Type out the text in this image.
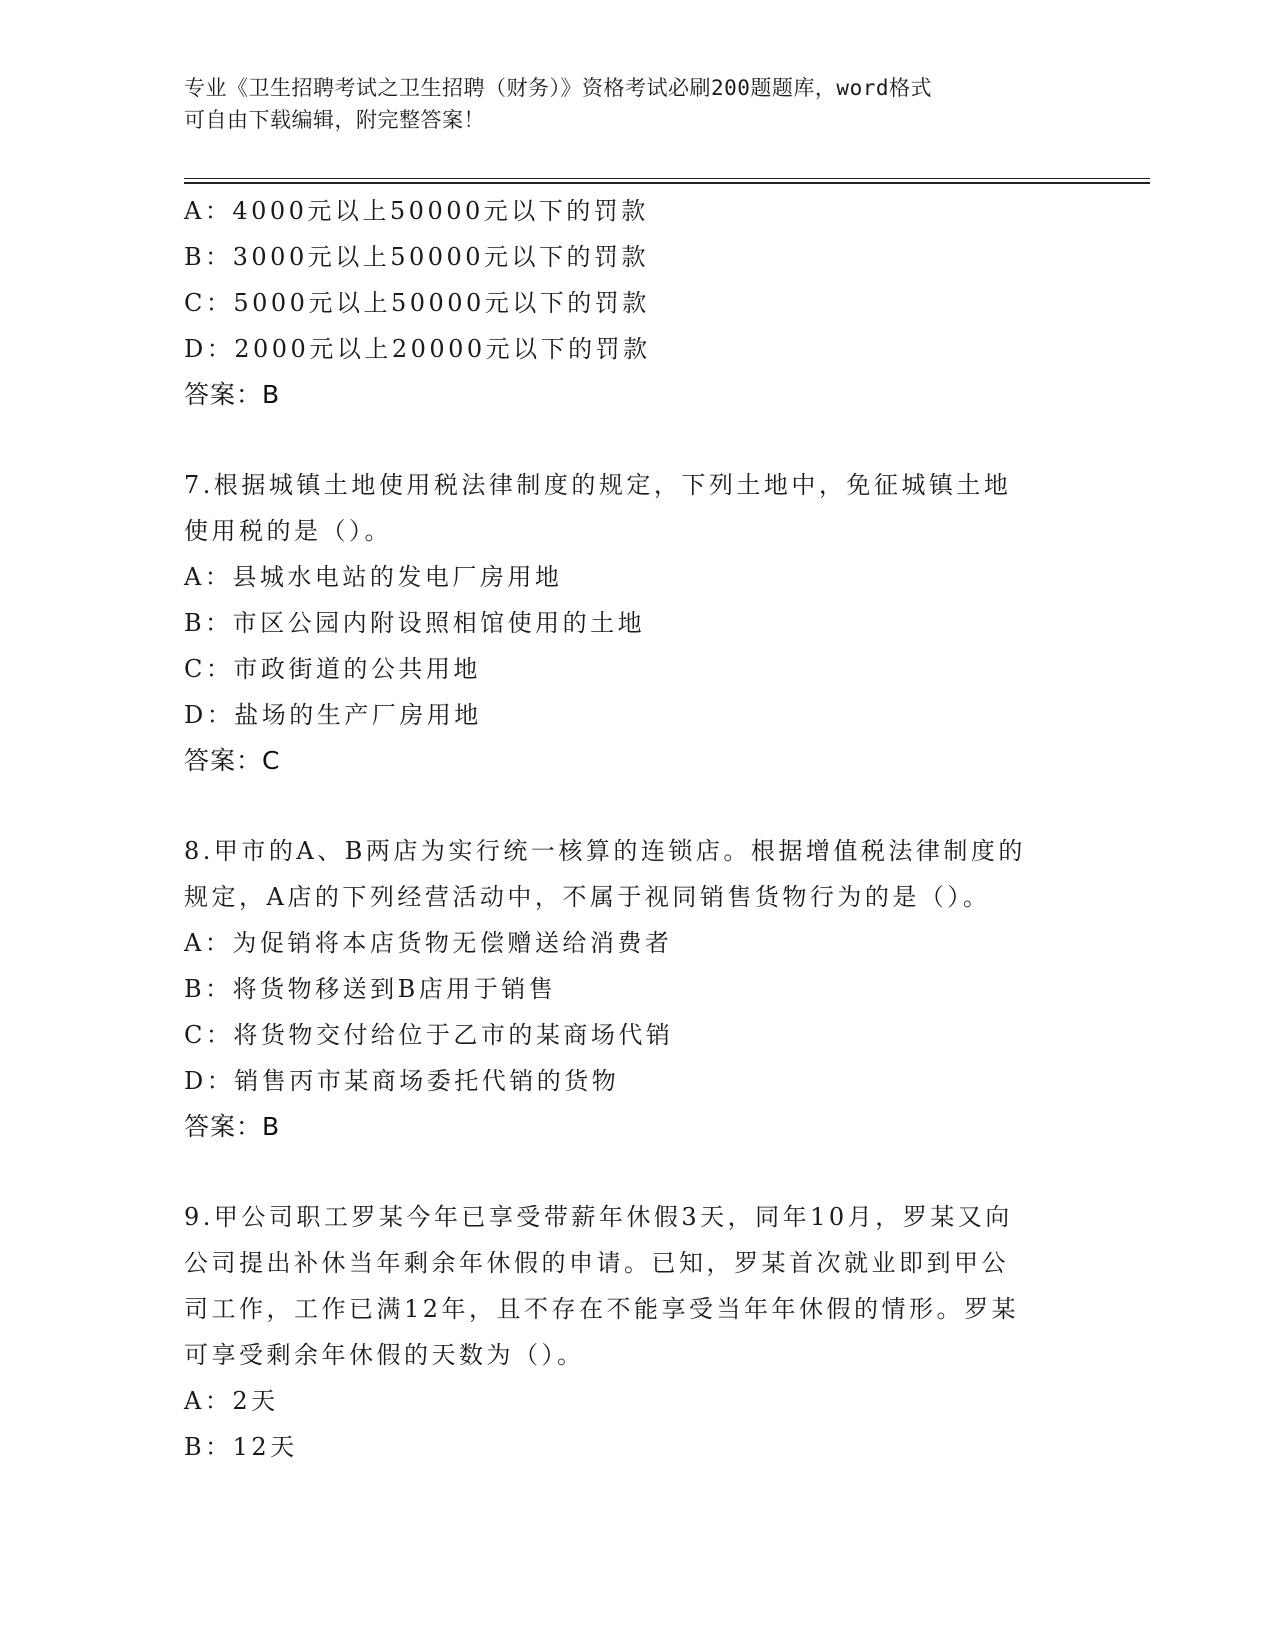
专业《卫生招聘考试之卫生招聘（财务）》资格考试必刷200题题库，word格式
可自由下载编辑，附完整答案！
A：4000元以上50000元以下的罚款
B：3000元以上50000元以下的罚款
C：5000元以上50000元以下的罚款
D：2000元以上20000元以下的罚款
答案：B
7.根据城镇土地使用税法律制度的规定，下列土地中，免征城镇土地
使用税的是（）。
A：县城水电站的发电厂房用地
B：市区公园内附设照相馆使用的土地
C：市政街道的公共用地
D：盐场的生产厂房用地
答案：C
8.甲市的A、B两店为实行统一核算的连锁店。根据增值税法律制度的
规定，A店的下列经营活动中，不属于视同销售货物行为的是（）。
A：为促销将本店货物无偿赠送给消费者
B：将货物移送到B店用于销售
C：将货物交付给位于乙市的某商场代销
D：销售丙市某商场委托代销的货物
答案：B
9.甲公司职工罗某今年已享受带薪年休假3天，同年10月，罗某又向
公司提出补休当年剩余年休假的申请。已知，罗某首次就业即到甲公
司工作，工作已满12年，且不存在不能享受当年年休假的情形。罗某
可享受剩余年休假的天数为（）。
A：2天
B：12天
